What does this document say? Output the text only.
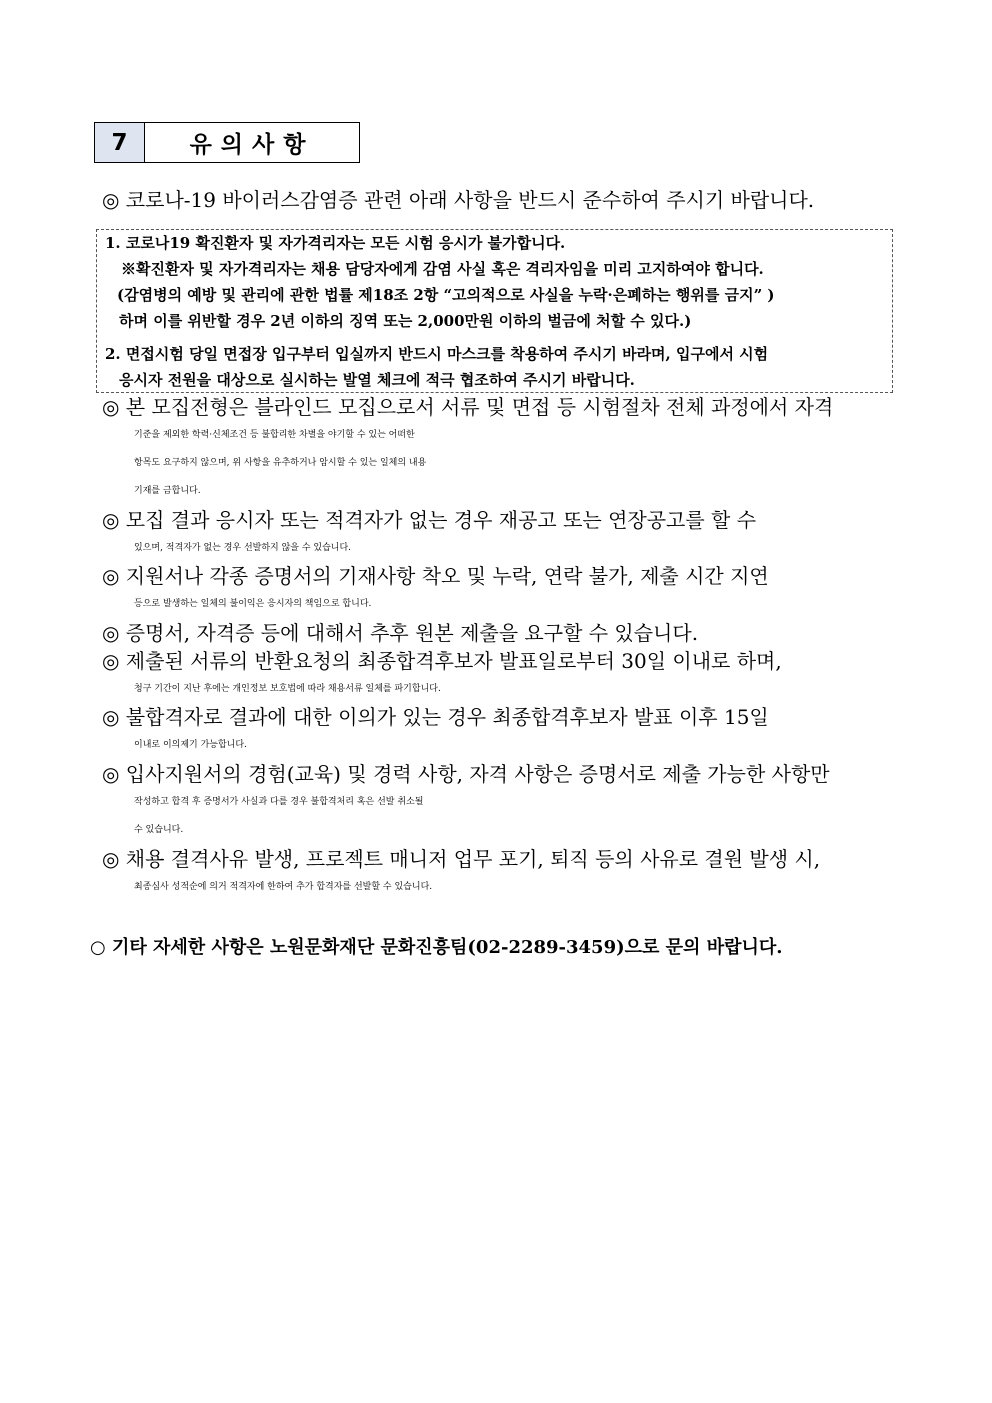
7	유의사항
◎ 코로나-19 바이러스감염증 관련 아래 사항을 반드시 준수하여 주시기 바랍니다.
1. 코로나19 확진환자 및 자가격리자는 모든 시험 응시가 불가합니다.
※확진환자 및 자가격리자는 채용 담당자에게 감염 사실 혹은 격리자임을 미리 고지하여야 합니다.
(감염병의 예방 및 관리에 관한 법률 제18조 2항 “고의적으로 사실을 누락·은폐하는 행위를 금지” )
하며 이를 위반할 경우 2년 이하의 징역 또는 2,000만원 이하의 벌금에 처할 수 있다.)
2. 면접시험 당일 면접장 입구부터 입실까지 반드시 마스크를 착용하여 주시기 바라며, 입구에서 시험
응시자 전원을 대상으로 실시하는 발열 체크에 적극 협조하여 주시기 바랍니다.
◎ 본 모집전형은 블라인드 모집으로서 서류 및 면접 등 시험절차 전체 과정에서 자격
기준을 제외한 학력·신체조건 등 불합리한 차별을 야기할 수 있는 어떠한
항목도 요구하지 않으며, 위 사항을 유추하거나 암시할 수 있는 일체의 내용
기재를 금합니다.
◎ 모집 결과 응시자 또는 적격자가 없는 경우 재공고 또는 연장공고를 할 수
있으며, 적격자가 없는 경우 선발하지 않을 수 있습니다.
◎ 지원서나 각종 증명서의 기재사항 착오 및 누락, 연락 불가, 제출 시간 지연
등으로 발생하는 일체의 불이익은 응시자의 책임으로 합니다.
◎ 증명서, 자격증 등에 대해서 추후 원본 제출을 요구할 수 있습니다.
◎ 제출된 서류의 반환요청의 최종합격후보자 발표일로부터 30일 이내로 하며,
청구 기간이 지난 후에는 개인정보 보호법에 따라 채용서류 일체를 파기합니다.
◎ 불합격자로 결과에 대한 이의가 있는 경우 최종합격후보자 발표 이후 15일
이내로 이의제기 가능합니다.
◎ 입사지원서의 경험(교육) 및 경력 사항, 자격 사항은 증명서로 제출 가능한 사항만
작성하고 합격 후 증명서가 사실과 다를 경우 불합격처리 혹은 선발 취소될
수 있습니다.
◎ 채용 결격사유 발생, 프로젝트 매니저 업무 포기, 퇴직 등의 사유로 결원 발생 시,
최종심사 성적순에 의거 적격자에 한하여 추가 합격자를 선발할 수 있습니다.
○ 기타 자세한 사항은 노원문화재단 문화진흥팀(02-2289-3459)으로 문의 바랍니다.
